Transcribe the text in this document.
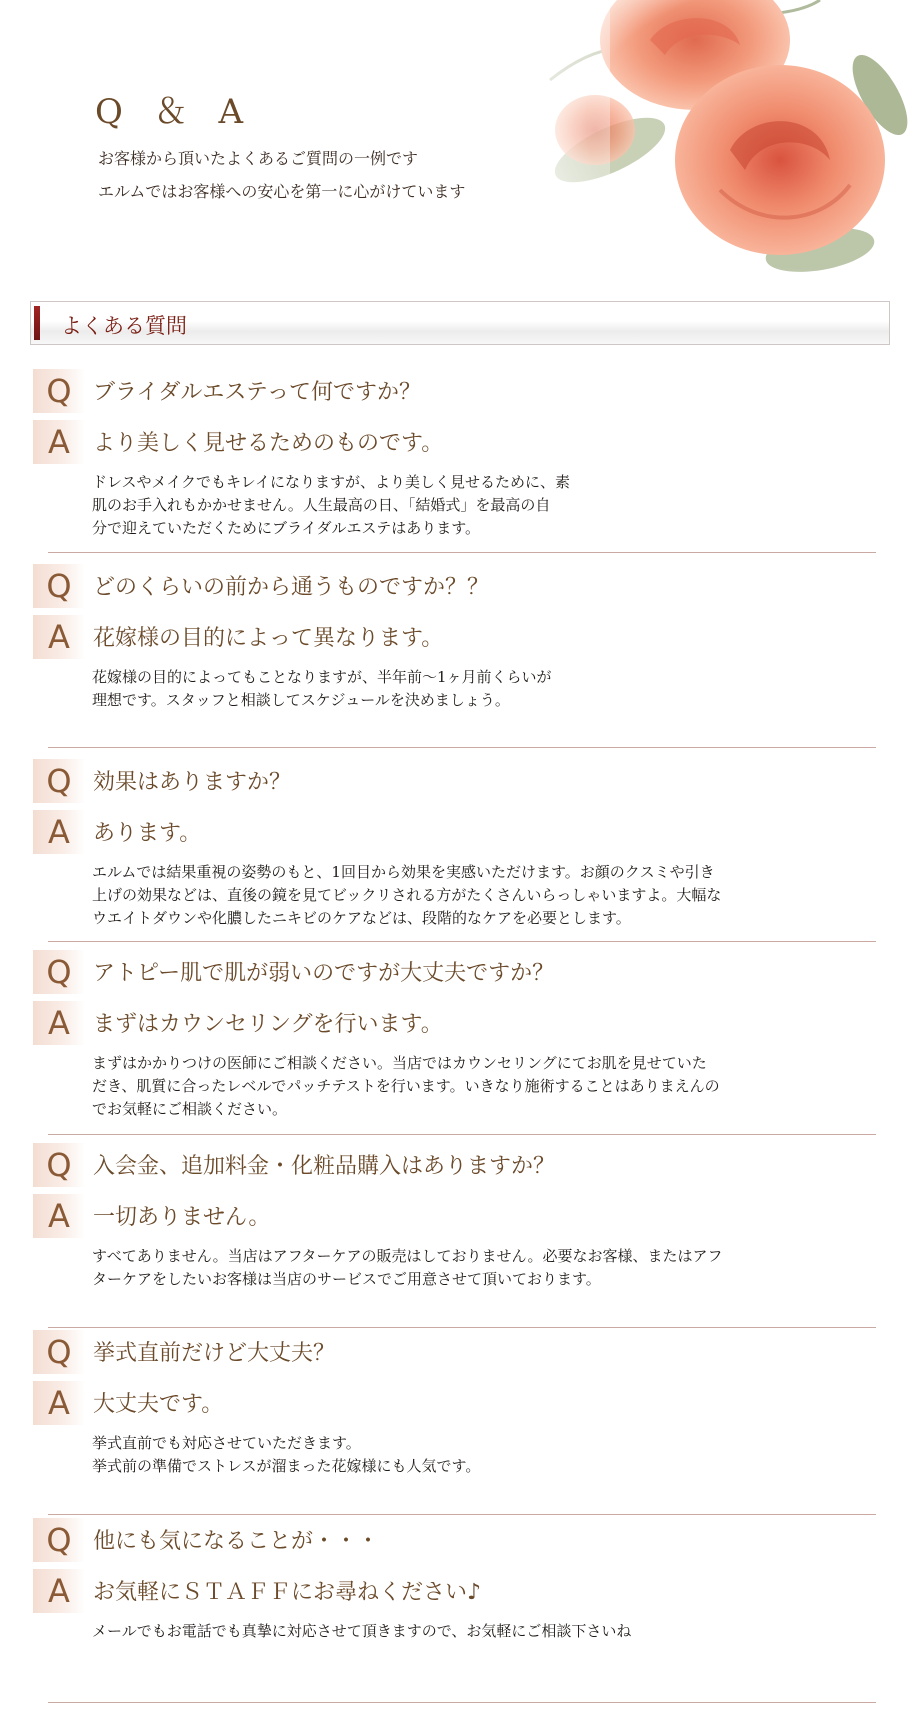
Q ＆ A
お客様から頂いたよくあるご質問の一例です
エルムではお客様への安心を第一に心がけています
よくある質問
Q ブライダルエステって何ですか？
A	より美しく見せるためのものです。
ドレスやメイクでもキレイになりますが、より美しく見せるために、素
肌のお手入れもかかせません。人生最高の日、「結婚式」を最高の自
分で迎えていただくためにブライダルエステはあります。
Q どのくらいの前から通うものですか？？
A	花嫁様の目的によって異なります。
花嫁様の目的によってもことなりますが、半年前～1ヶ月前くらいが
理想です。スタッフと相談してスケジュールを決めましょう。
Q 効果はありますか？
A	あります。
エルムでは結果重視の姿勢のもと、1回目から効果を実感いただけます。お顔のクスミや引き
上げの効果などは、直後の鏡を見てビックリされる方がたくさんいらっしゃいますよ。大幅な
ウエイトダウンや化膿したニキビのケアなどは、段階的なケアを必要とします。
Q アトピー肌で肌が弱いのですが大丈夫ですか？
A	まずはカウンセリングを行います。
まずはかかりつけの医師にご相談ください。当店ではカウンセリングにてお肌を見せていた
だき、肌質に合ったレベルでパッチテストを行います。いきなり施術することはありまえんの
でお気軽にご相談ください。
Q 入会金、追加料金・化粧品購入はありますか？
A	一切ありません。
すべてありません。当店はアフターケアの販売はしておりません。必要なお客様、またはアフ
ターケアをしたいお客様は当店のサービスでご用意させて頂いております。
Q 挙式直前だけど大丈夫？
A	大丈夫です。
挙式直前でも対応させていただきます。
挙式前の準備でストレスが溜まった花嫁様にも人気です。
Q 他にも気になることが・・・
A	お気軽にＳＴＡＦＦにお尋ねください♪
メールでもお電話でも真摯に対応させて頂きますので、お気軽にご相談下さいね
